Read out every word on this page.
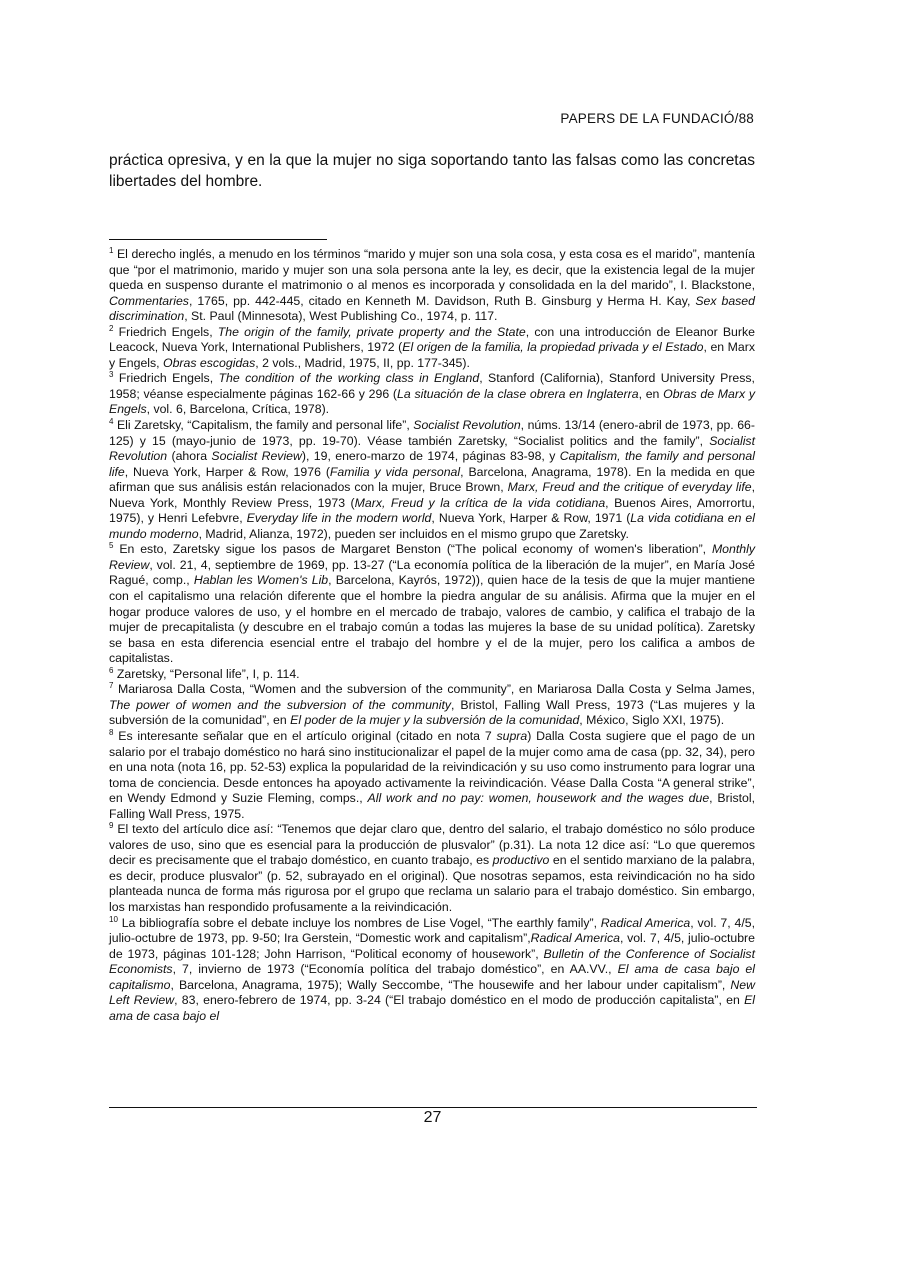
PAPERS DE LA FUNDACIÓ/88

práctica opresiva, y en la que la mujer no siga soportando tanto las falsas como las concretas libertades del hombre.

$^1$ El derecho inglés, a menudo en los términos “marido y mujer son una sola cosa, y esta cosa es el marido”, mantenía que “por el matrimonio, marido y mujer son una sola persona ante la ley, es decir, que la existencia legal de la mujer queda en suspenso durante el matrimonio o al menos es incorporada y consolidada en la del marido”, I. Blackstone, Commentaries, 1765, pp. 442-445, citado en Kenneth M. Davidson, Ruth B. Ginsburg y Herma H. Kay, Sex based discrimination, St. Paul (Minnesota), West Publishing Co., 1974, p. 117.

$^2$ Friedrich Engels, The origin of the family, private property and the State, con una introducción de Eleanor Burke Leacock, Nueva York, International Publishers, 1972 (El origen de la familia, la propiedad privada y el Estado, en Marx y Engels, Obras escogidas, 2 vols., Madrid, 1975, II, pp. 177-345).

$^3$ Friedrich Engels, The condition of the working class in England, Stanford (California), Stanford University Press, 1958; véanse especialmente páginas 162-66 y 296 (La situación de la clase obrera en Inglaterra, en Obras de Marx y Engels, vol. 6, Barcelona, Crítica, 1978).

$^4$ Eli Zaretsky, “Capitalism, the family and personal life”, Socialist Revolution, núms. 13/14 (enero-abril de 1973, pp. 66-125) y 15 (mayo-junio de 1973, pp. 19-70). Véase también Zaretsky, “Socialist politics and the family”, Socialist Revolution (ahora Socialist Review), 19, enero-marzo de 1974, páginas 83-98, y Capitalism, the family and personal life, Nueva York, Harper & Row, 1976 (Familia y vida personal, Barcelona, Anagrama, 1978). En la medida en que afirman que sus análisis están relacionados con la mujer, Bruce Brown, Marx, Freud and the critique of everyday life, Nueva York, Monthly Review Press, 1973 (Marx, Freud y la crítica de la vida cotidiana, Buenos Aires, Amorrortu, 1975), y Henri Lefebvre, Everyday life in the modern world, Nueva York, Harper & Row, 1971 (La vida cotidiana en el mundo moderno, Madrid, Alianza, 1972), pueden ser incluidos en el mismo grupo que Zaretsky.

$^5$ En esto, Zaretsky sigue los pasos de Margaret Benston (“The polical economy of women's liberation”, Monthly Review, vol. 21, 4, septiembre de 1969, pp. 13-27 (“La economía política de la liberación de la mujer”, en María José Ragué, comp., Hablan les Women's Lib, Barcelona, Kayrós, 1972)), quien hace de la tesis de que la mujer mantiene con el capitalismo una relación diferente que el hombre la piedra angular de su análisis. Afirma que la mujer en el hogar produce valores de uso, y el hombre en el mercado de trabajo, valores de cambio, y califica el trabajo de la mujer de precapitalista (y descubre en el trabajo común a todas las mujeres la base de su unidad política). Zaretsky se basa en esta diferencia esencial entre el trabajo del hombre y el de la mujer, pero los califica a ambos de capitalistas.

$^6$ Zaretsky, “Personal life”, I, p. 114.

$^7$ Mariarosa Dalla Costa, “Women and the subversion of the community”, en Mariarosa Dalla Costa y Selma James, The power of women and the subversion of the community, Bristol, Falling Wall Press, 1973 (“Las mujeres y la subversión de la comunidad”, en El poder de la mujer y la subversión de la comunidad, México, Siglo XXI, 1975).

$^8$ Es interesante señalar que en el artículo original (citado en nota 7 supra) Dalla Costa sugiere que el pago de un salario por el trabajo doméstico no hará sino institucionalizar el papel de la mujer como ama de casa (pp. 32, 34), pero en una nota (nota 16, pp. 52-53) explica la popularidad de la reivindicación y su uso como instrumento para lograr una toma de conciencia. Desde entonces ha apoyado activamente la reivindicación. Véase Dalla Costa “A general strike”, en Wendy Edmond y Suzie Fleming, comps., All work and no pay: women, housework and the wages due, Bristol, Falling Wall Press, 1975.

$^9$ El texto del artículo dice así: “Tenemos que dejar claro que, dentro del salario, el trabajo doméstico no sólo produce valores de uso, sino que es esencial para la producción de plusvalor” (p.31). La nota 12 dice así: “Lo que queremos decir es precisamente que el trabajo doméstico, en cuanto trabajo, es productivo en el sentido marxiano de la palabra, es decir, produce plusvalor” (p. 52, subrayado en el original). Que nosotras sepamos, esta reivindicación no ha sido planteada nunca de forma más rigurosa por el grupo que reclama un salario para el trabajo doméstico. Sin embargo, los marxistas han respondido profusamente a la reivindicación.

$^{10}$ La bibliografía sobre el debate incluye los nombres de Lise Vogel, “The earthly family”, Radical America, vol. 7, 4/5, julio-octubre de 1973, pp. 9-50; Ira Gerstein, “Domestic work and capitalism”,Radical America, vol. 7, 4/5, julio-octubre de 1973, páginas 101-128; John Harrison, “Political economy of housework”, Bulletin of the Conference of Socialist Economists, 7, invierno de 1973 (“Economía política del trabajo doméstico”, en AA.VV., El ama de casa bajo el capitalismo, Barcelona, Anagrama, 1975); Wally Seccombe, “The housewife and her labour under capitalism”, New Left Review, 83, enero-febrero de 1974, pp. 3-24 (“El trabajo doméstico en el modo de producción capitalista”, en El ama de casa bajo el

27
